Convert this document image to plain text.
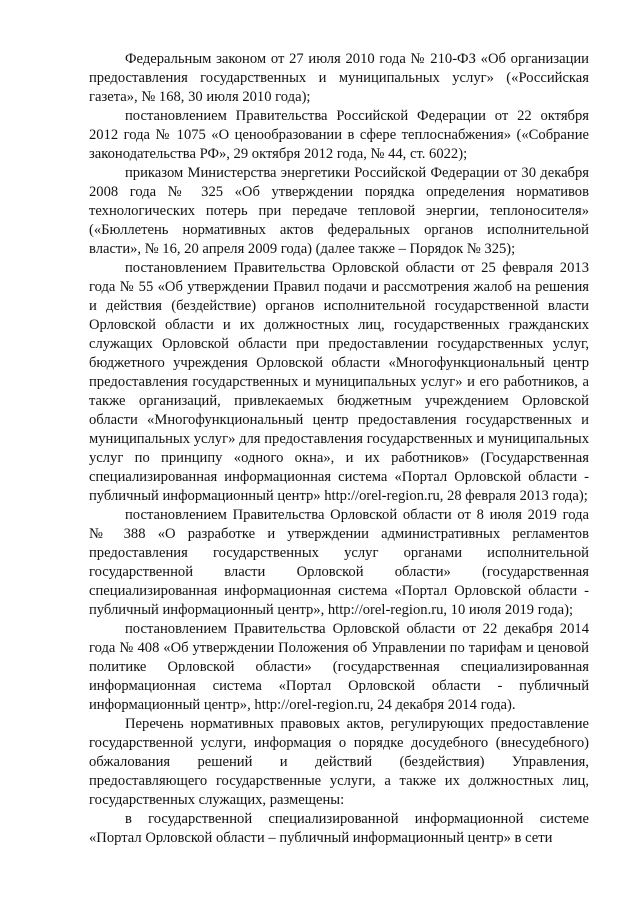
Федеральным законом от 27 июля 2010 года № 210-ФЗ «Об организации предоставления государственных и муниципальных услуг» («Российская газета», № 168, 30 июля 2010 года);

постановлением Правительства Российской Федерации от 22 октября 2012 года № 1075 «О ценообразовании в сфере теплоснабжения» («Собрание законодательства РФ», 29 октября 2012 года, № 44, ст. 6022);

приказом Министерства энергетики Российской Федерации от 30 декабря 2008 года № 325 «Об утверждении порядка определения нормативов технологических потерь при передаче тепловой энергии, теплоносителя» («Бюллетень нормативных актов федеральных органов исполнительной власти», № 16, 20 апреля 2009 года) (далее также – Порядок № 325);

постановлением Правительства Орловской области от 25 февраля 2013 года № 55 «Об утверждении Правил подачи и рассмотрения жалоб на решения и действия (бездействие) органов исполнительной государственной власти Орловской области и их должностных лиц, государственных гражданских служащих Орловской области при предоставлении государственных услуг, бюджетного учреждения Орловской области «Многофункциональный центр предоставления государственных и муниципальных услуг» и его работников, а также организаций, привлекаемых бюджетным учреждением Орловской области «Многофункциональный центр предоставления государственных и муниципальных услуг» для предоставления государственных и муниципальных услуг по принципу «одного окна», и их работников» (Государственная специализированная информационная система «Портал Орловской области - публичный информационный центр» http://orel-region.ru, 28 февраля 2013 года);

постановлением Правительства Орловской области от 8 июля 2019 года № 388 «О разработке и утверждении административных регламентов предоставления государственных услуг органами исполнительной государственной власти Орловской области» (государственная специализированная информационная система «Портал Орловской области - публичный информационный центр», http://orel-region.ru, 10 июля 2019 года);

постановлением Правительства Орловской области от 22 декабря 2014 года № 408 «Об утверждении Положения об Управлении по тарифам и ценовой политике Орловской области» (государственная специализированная информационная система «Портал Орловской области - публичный информационный центр», http://orel-region.ru, 24 декабря 2014 года).

Перечень нормативных правовых актов, регулирующих предоставление государственной услуги, информация о порядке досудебного (внесудебного) обжалования решений и действий (бездействия) Управления, предоставляющего государственные услуги, а также их должностных лиц, государственных служащих, размещены:

в государственной специализированной информационной системе «Портал Орловской области – публичный информационный центр» в сети
